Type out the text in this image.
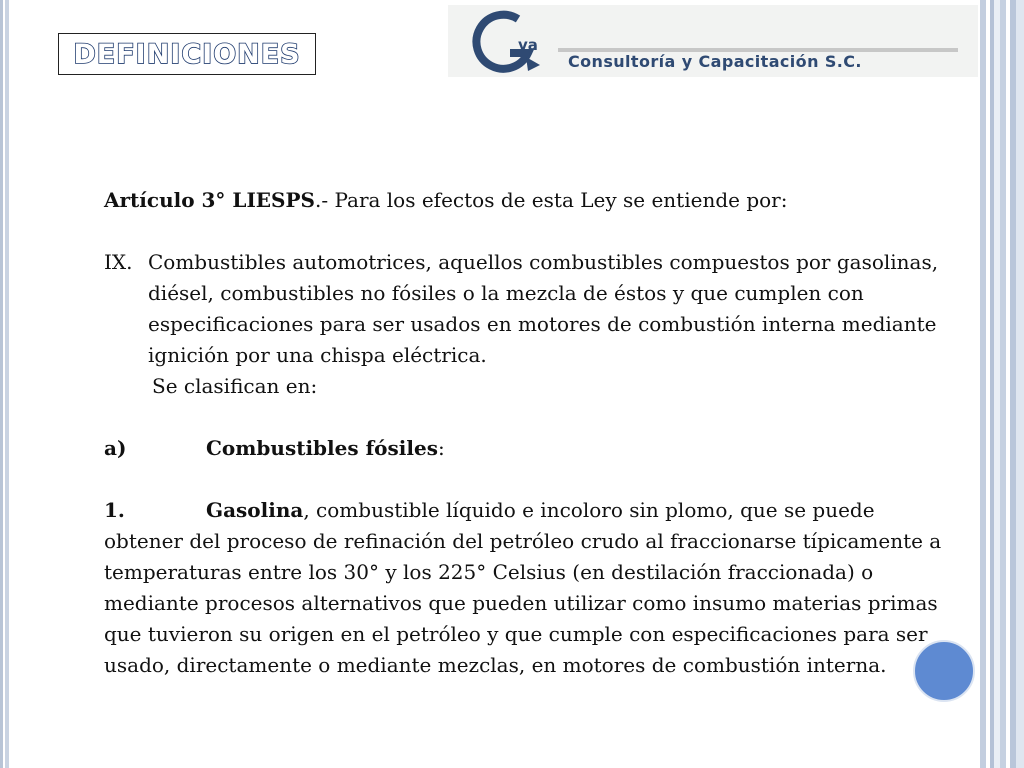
DEFINICIONES	va
Consultoría y Capacitación S.C.

Artículo 3° LIESPS.- Para los efectos de esta Ley se entiende por:

IX. Combustibles automotrices, aquellos combustibles compuestos por gasolinas, diésel, combustibles no fósiles o la mezcla de éstos y que cumplen con especificaciones para ser usados en motores de combustión interna mediante ignición por una chispa eléctrica.

Se clasifican en:

a)	Combustibles fósiles:

1.	Gasolina, combustible líquido e incoloro sin plomo, que se puede obtener del proceso de refinación del petróleo crudo al fraccionarse típicamente a temperaturas entre los 30° y los 225° Celsius (en destilación fraccionada) o mediante procesos alternativos que pueden utilizar como insumo materias primas que tuvieron su origen en el petróleo y que cumple con especificaciones para ser usado, directamente o mediante mezclas, en motores de combustión interna.
